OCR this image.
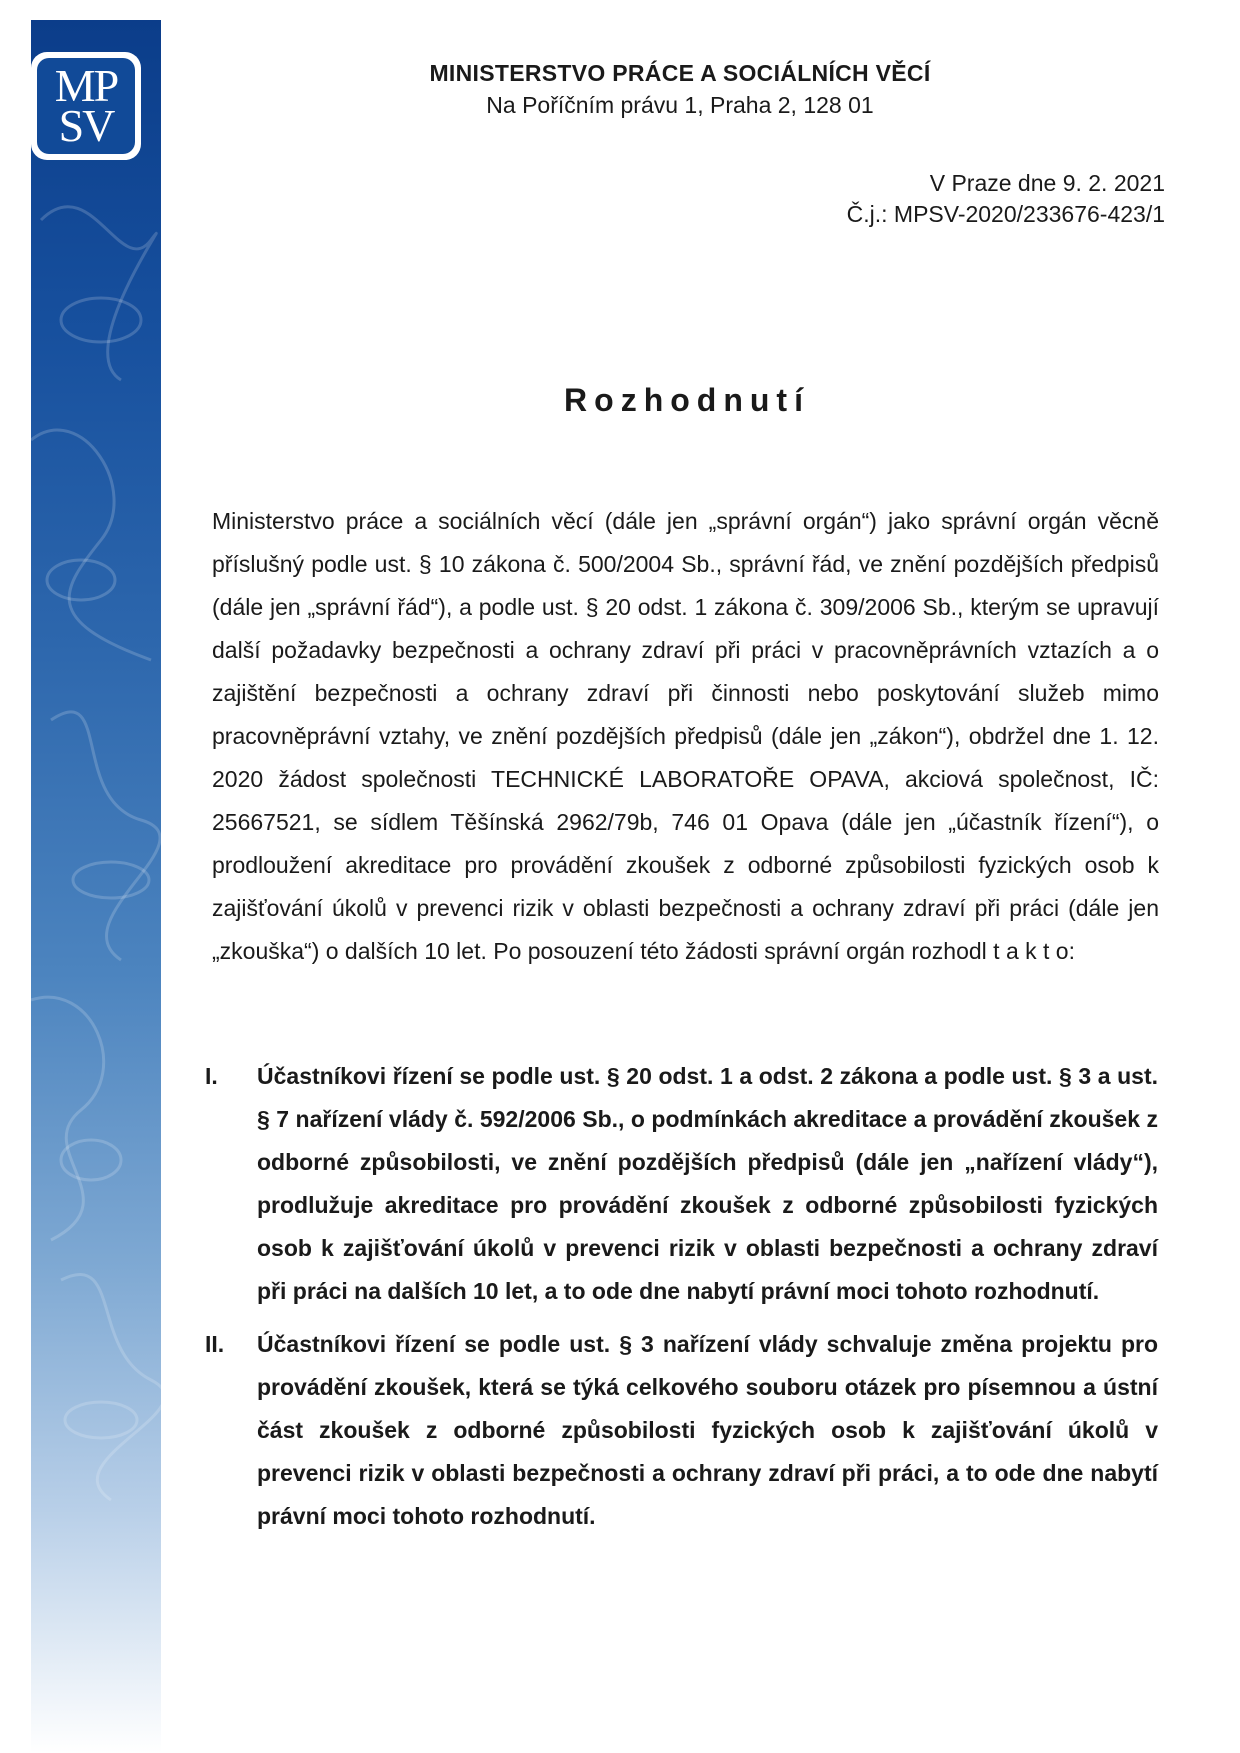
MP
SV
MINISTERSTVO PRÁCE A SOCIÁLNÍCH VĚCÍ
Na Poříčním právu 1, Praha 2, 128 01
V Praze dne 9. 2. 2021
Č.j.: MPSV-2020/233676-423/1
Rozhodnutí
Ministerstvo práce a sociálních věcí (dále jen „správní orgán“) jako správní orgán věcně příslušný podle ust. § 10 zákona č. 500/2004 Sb., správní řád, ve znění pozdějších předpisů (dále jen „správní řád“), a podle ust. § 20 odst. 1 zákona č. 309/2006 Sb., kterým se upravují další požadavky bezpečnosti a ochrany zdraví při práci v pracovněprávních vztazích a o zajištění bezpečnosti a ochrany zdraví při činnosti nebo poskytování služeb mimo pracovněprávní vztahy, ve znění pozdějších předpisů (dále jen „zákon“), obdržel dne 1. 12. 2020 žádost společnosti TECHNICKÉ LABORATOŘE OPAVA, akciová společnost, IČ: 25667521, se sídlem Těšínská 2962/79b, 746 01 Opava (dále jen „účastník řízení“), o prodloužení akreditace pro provádění zkoušek z odborné způsobilosti fyzických osob k zajišťování úkolů v prevenci rizik v oblasti bezpečnosti a ochrany zdraví při práci (dále jen „zkouška“) o dalších 10 let. Po posouzení této žádosti správní orgán rozhodl t a k t o:
I.	Účastníkovi řízení se podle ust. § 20 odst. 1 a odst. 2 zákona a podle ust. § 3 a ust. § 7 nařízení vlády č. 592/2006 Sb., o podmínkách akreditace a provádění zkoušek z odborné způsobilosti, ve znění pozdějších předpisů (dále jen „nařízení vlády“), prodlužuje akreditace pro provádění zkoušek z odborné způsobilosti fyzických osob k zajišťování úkolů v prevenci rizik v oblasti bezpečnosti a ochrany zdraví při práci na dalších 10 let, a to ode dne nabytí právní moci tohoto rozhodnutí.
II.	Účastníkovi řízení se podle ust. § 3 nařízení vlády schvaluje změna projektu pro provádění zkoušek, která se týká celkového souboru otázek pro písemnou a ústní část zkoušek z odborné způsobilosti fyzických osob k zajišťování úkolů v prevenci rizik v oblasti bezpečnosti a ochrany zdraví při práci, a to ode dne nabytí právní moci tohoto rozhodnutí.
